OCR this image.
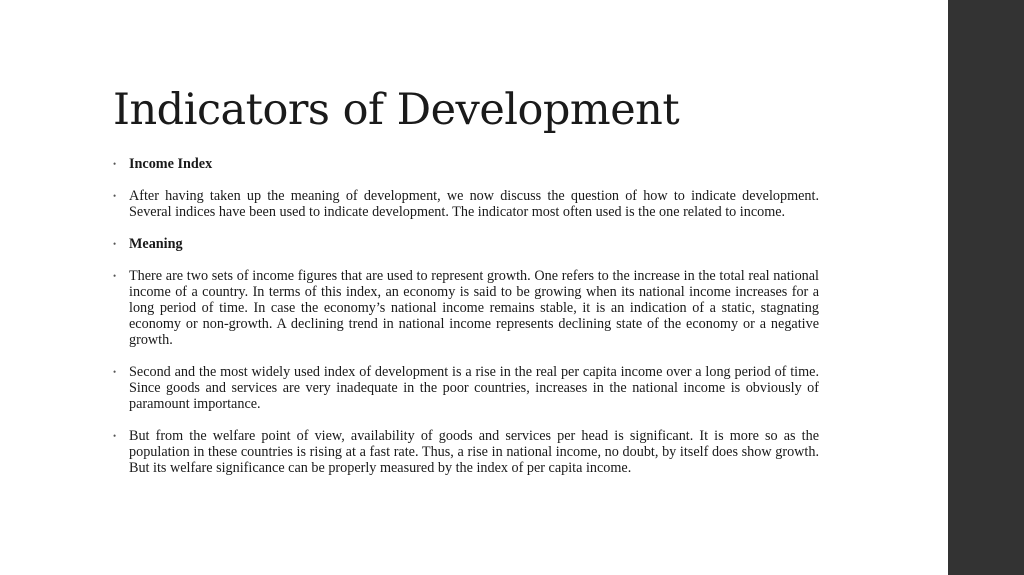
Indicators of Development
• Income Index
• After having taken up the meaning of development, we now discuss the question of how to indicate development. Several indices have been used to indicate development. The indicator most often used is the one related to income.
• Meaning
• There are two sets of income figures that are used to represent growth. One refers to the increase in the total real national income of a country. In terms of this index, an economy is said to be growing when its national income increases for a long period of time. In case the economy’s national income remains stable, it is an indication of a static, stagnating economy or non-growth. A declining trend in national income represents declining state of the economy or a negative growth.
• Second and the most widely used index of development is a rise in the real per capita income over a long period of time. Since goods and services are very inadequate in the poor countries, increases in the national income is obviously of paramount importance.
• But from the welfare point of view, availability of goods and services per head is significant. It is more so as the population in these countries is rising at a fast rate. Thus, a rise in national income, no doubt, by itself does show growth. But its welfare significance can be properly measured by the index of per capita income.
